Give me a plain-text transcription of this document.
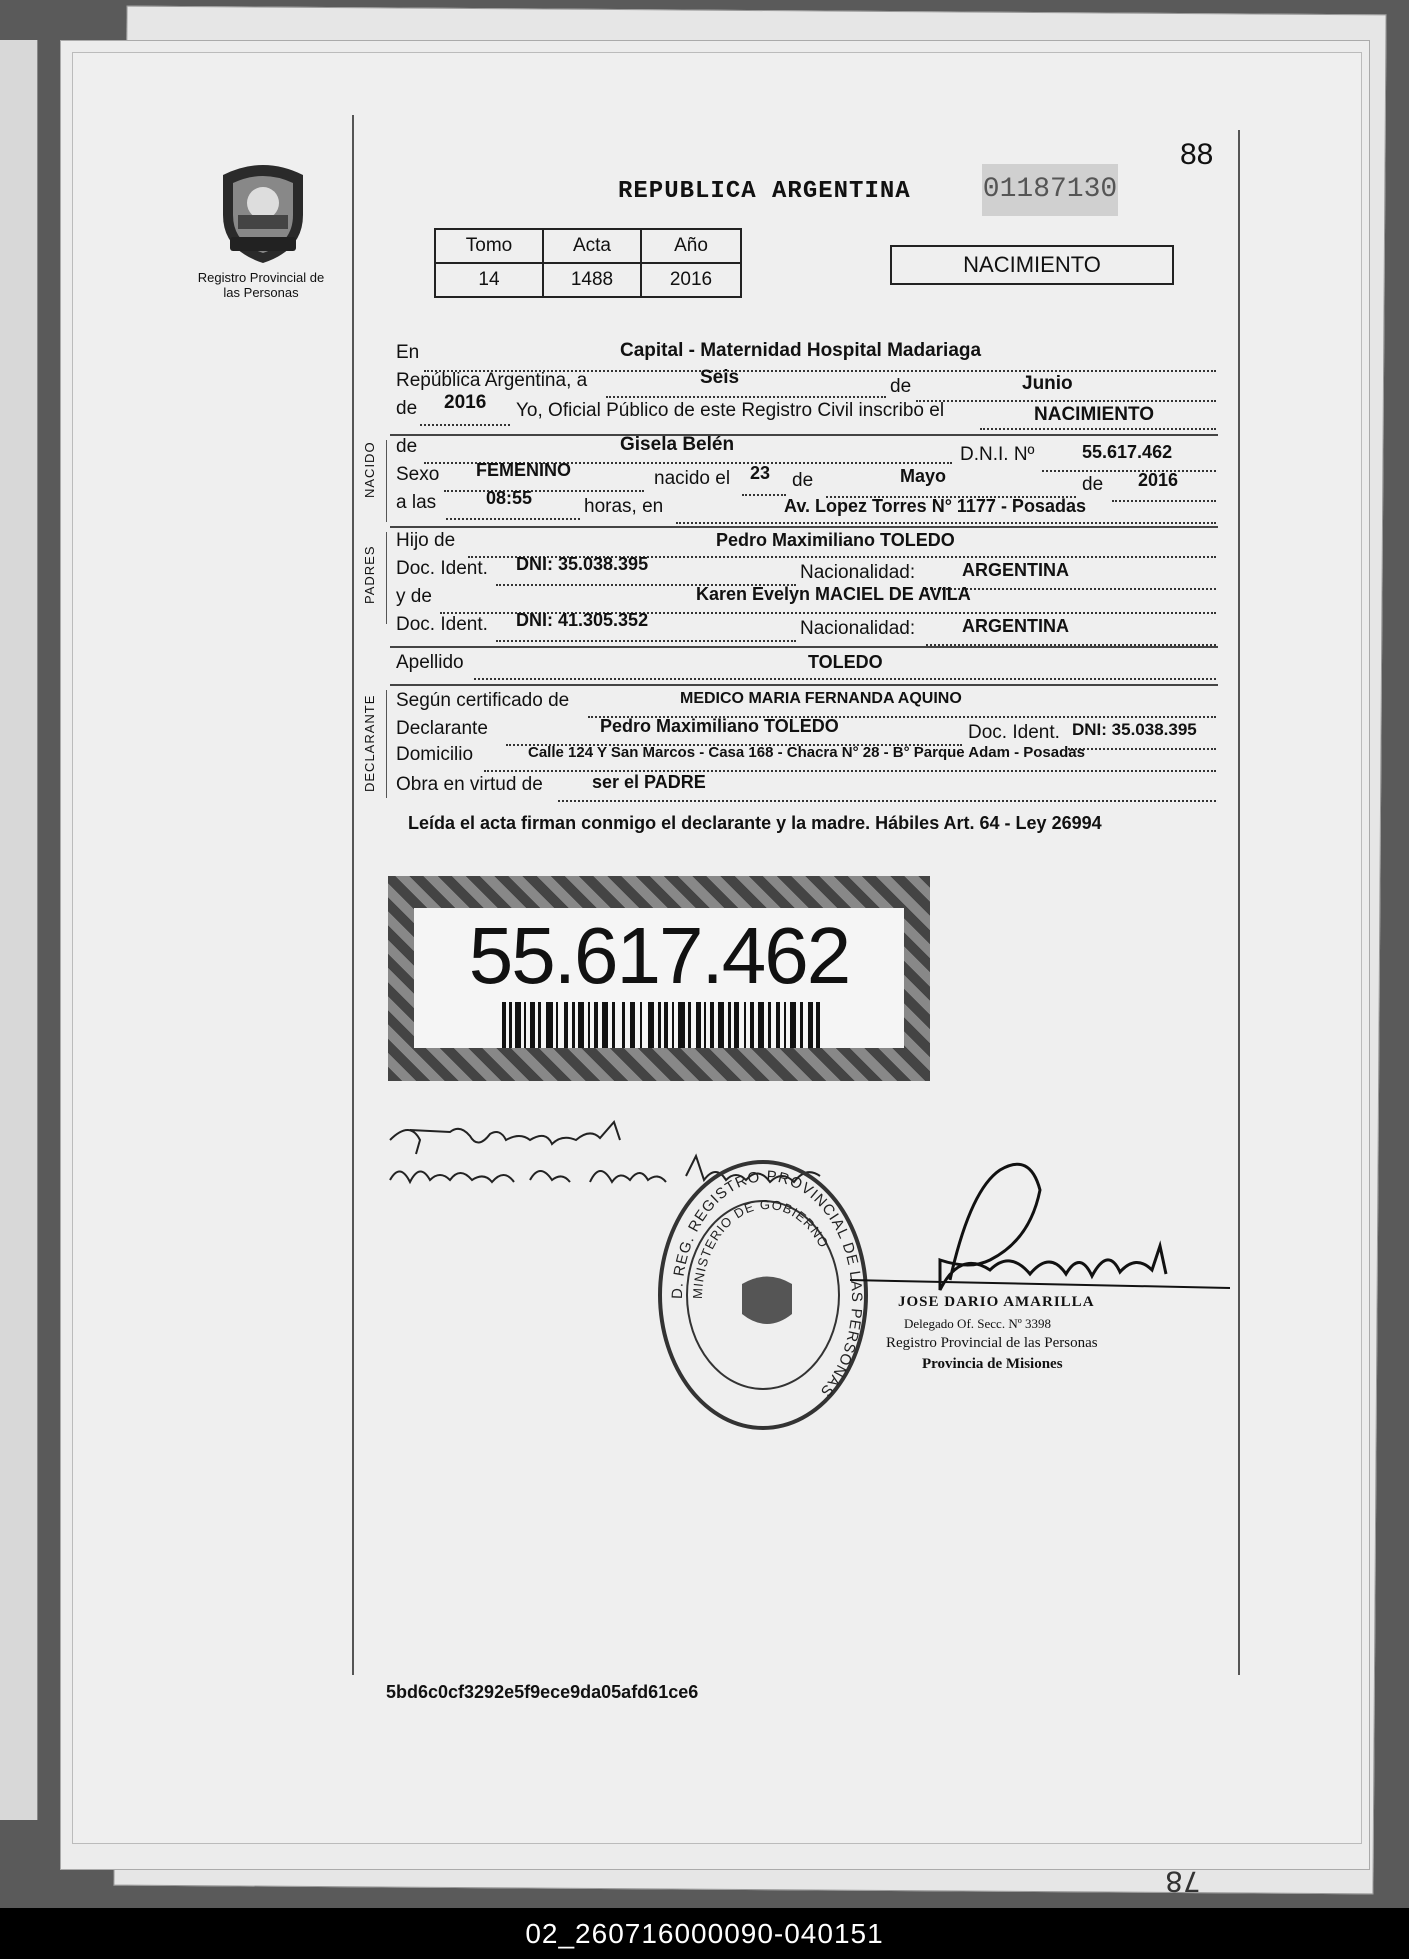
78
88
Registro Provincial de las Personas
REPUBLICA ARGENTINA	01187130
Tomo	Acta	Año
14	1488	2016
NACIMIENTO
En	Capital - Maternidad Hospital Madariaga
República Argentina, a	Seis	de	Junio
de 2016 Yo, Oficial Público de este Registro Civil inscribo el	NACIMIENTO
NACIDO de	Gisela Belén	D.N.I. Nº	55.617.462
Sexo FEMENINO	nacido el 23 de	Mayo	de 2016
a las	08:55	horas, en	Av. Lopez Torres N° 1177 - Posadas
PADRES
Hijo de	Pedro Maximiliano TOLEDO
Doc. Ident. DNI: 35.038.395	Nacionalidad:	ARGENTINA
y de	Karen Evelyn MACIEL DE AVILA
Doc. Ident. DNI: 41.305.352	Nacionalidad:	ARGENTINA
Apellido	TOLEDO
DECLARANTE Según certificado de	MEDICO MARIA FERNANDA AQUINO
Declarante	Pedro Maximiliano TOLEDO	Doc. Ident. DNI: 35.038.395
Domicilio	Calle 124 Y San Marcos - Casa 168 - Chacra N° 28 - B° Parque Adam - Posadas
Obra en virtud de	ser el PADRE
Leída el acta firman conmigo el declarante y la madre. Hábiles Art. 64 - Ley 26994
55.617.462
D. REG. REGISTRO PROVINCIAL DE LAS PERSONAS
MINISTERIO DE GOBIERNO
JOSE DARIO AMARILLA
Delegado Of. Secc. Nº 3398
Registro Provincial de las Personas
Provincia de Misiones
5bd6c0cf3292e5f9ece9da05afd61ce6
02_260716000090-040151
